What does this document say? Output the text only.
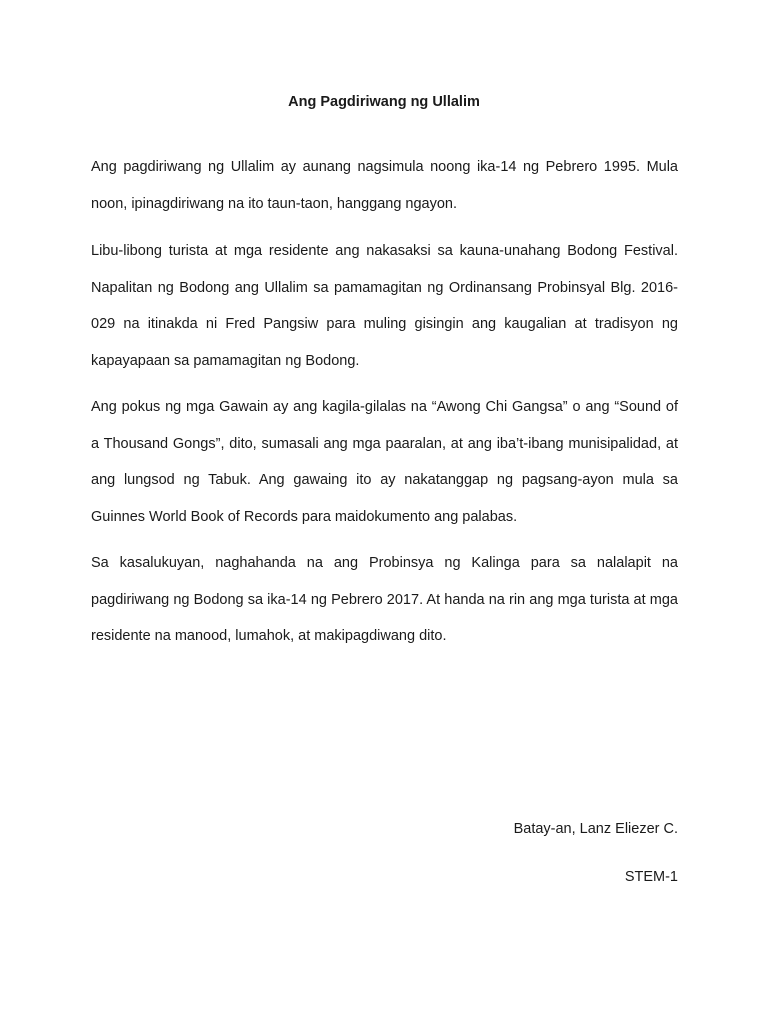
Ang Pagdiriwang ng Ullalim

Ang pagdiriwang ng Ullalim ay aunang nagsimula noong ika-14 ng Pebrero 1995. Mula noon, ipinagdiriwang na ito taun-taon, hanggang ngayon.

Libu-libong turista at mga residente ang nakasaksi sa kauna-unahang Bodong Festival. Napalitan ng Bodong ang Ullalim sa pamamagitan ng Ordinansang Probinsyal Blg. 2016-029 na itinakda ni Fred Pangsiw para muling gisingin ang kaugalian at tradisyon ng kapayapaan sa pamamagitan ng Bodong.

Ang pokus ng mga Gawain ay ang kagila-gilalas na “Awong Chi Gangsa” o ang “Sound of a Thousand Gongs”, dito, sumasali ang mga paaralan, at ang iba’t-ibang munisipalidad, at ang lungsod ng Tabuk. Ang gawaing ito ay nakatanggap ng pagsang-ayon mula sa Guinnes World Book of Records para maidokumento ang palabas.

Sa kasalukuyan, naghahanda na ang Probinsya ng Kalinga para sa nalalapit na pagdiriwang ng Bodong sa ika-14 ng Pebrero 2017. At handa na rin ang mga turista at mga residente na manood, lumahok, at makipagdiwang dito.

Batay-an, Lanz Eliezer C.
STEM-1
